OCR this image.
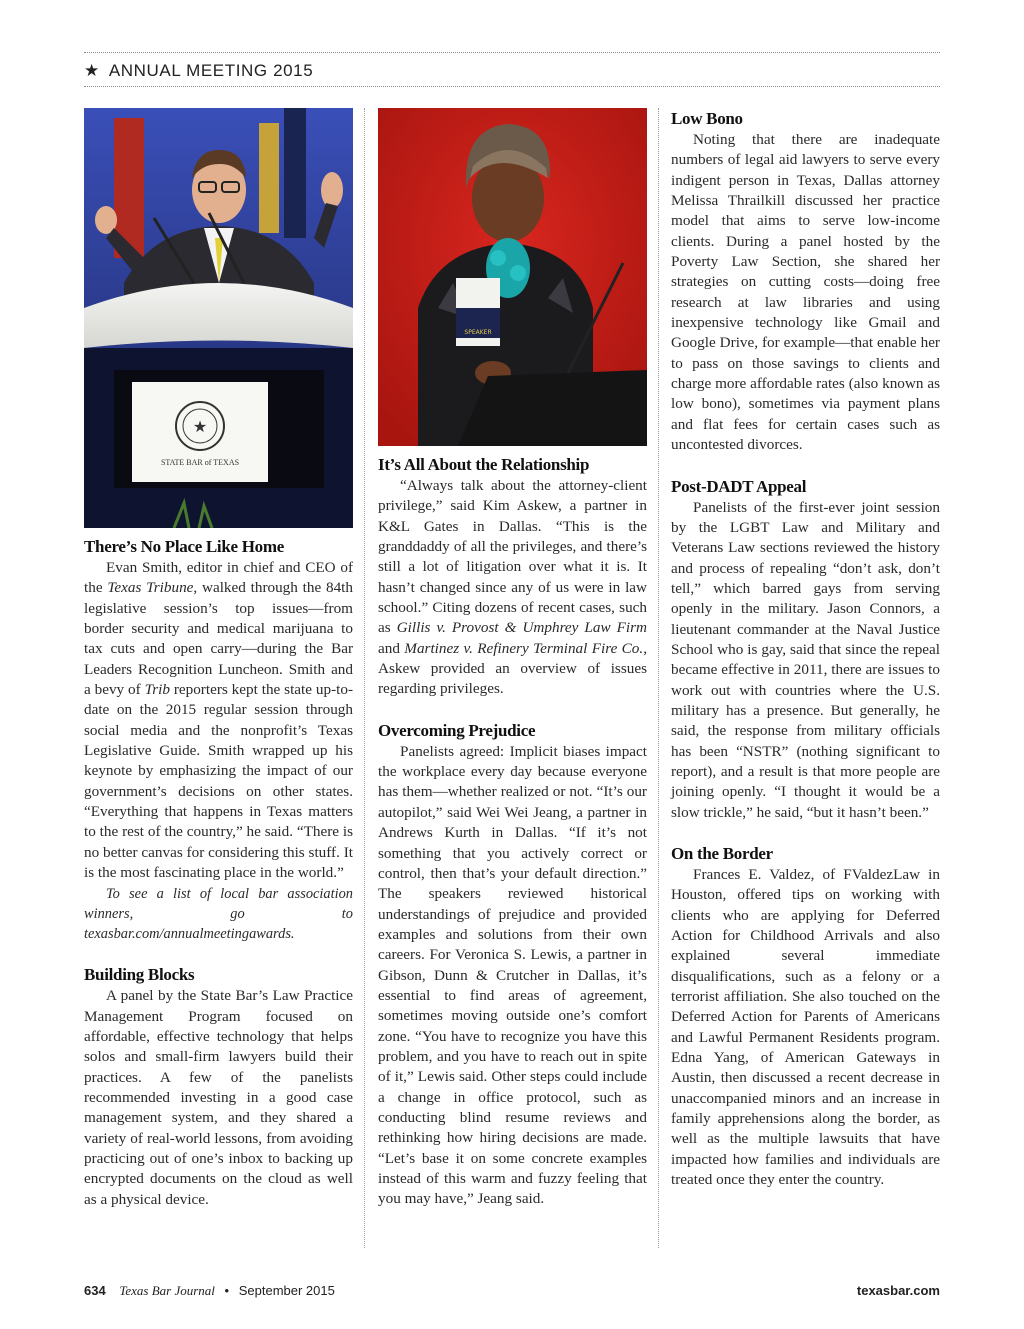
★ ANNUAL MEETING 2015
★
STATE BAR of TEXAS
There’s No Place Like Home

Evan Smith, editor in chief and CEO of the Texas Tribune, walked through the 84th legislative session’s top issues—from border security and medical marijuana to tax cuts and open carry—during the Bar Leaders Recognition Luncheon. Smith and a bevy of Trib reporters kept the state up-to-date on the 2015 regular session through social media and the nonprofit’s Texas Legislative Guide. Smith wrapped up his keynote by emphasizing the impact of our government’s decisions on other states. “Everything that happens in Texas matters to the rest of the country,” he said. “There is no better canvas for considering this stuff. It is the most fascinating place in the world.”

To see a list of local bar association winners, go to texasbar.com/annualmeetingawards.

Building Blocks

A panel by the State Bar’s Law Practice Management Program focused on affordable, effective technology that helps solos and small-firm lawyers build their practices. A few of the panelists recommended investing in a good case management system, and they shared a variety of real-world lessons, from avoiding practicing out of one’s inbox to backing up encrypted documents on the cloud as well as a physical device.

SPEAKER
It’s All About the Relationship

“Always talk about the attorney-client privilege,” said Kim Askew, a partner in K&L Gates in Dallas. “This is the granddaddy of all the privileges, and there’s still a lot of litigation over what it is. It hasn’t changed since any of us were in law school.” Citing dozens of recent cases, such as Gillis v. Provost & Umphrey Law Firm and Martinez v. Refinery Terminal Fire Co., Askew provided an overview of issues regarding privileges.

Overcoming Prejudice

Panelists agreed: Implicit biases impact the workplace every day because everyone has them—whether realized or not. “It’s our autopilot,” said Wei Wei Jeang, a partner in Andrews Kurth in Dallas. “If it’s not something that you actively correct or control, then that’s your default direction.” The speakers reviewed historical understandings of prejudice and provided examples and solutions from their own careers. For Veronica S. Lewis, a partner in Gibson, Dunn & Crutcher in Dallas, it’s essential to find areas of agreement, sometimes moving outside one’s comfort zone. “You have to recognize you have this problem, and you have to reach out in spite of it,” Lewis said. Other steps could include a change in office protocol, such as conducting blind resume reviews and rethinking how hiring decisions are made. “Let’s base it on some concrete examples instead of this warm and fuzzy feeling that you may have,” Jeang said.

Low Bono

Noting that there are inadequate numbers of legal aid lawyers to serve every indigent person in Texas, Dallas attorney Melissa Thrailkill discussed her practice model that aims to serve low-income clients. During a panel hosted by the Poverty Law Section, she shared her strategies on cutting costs—doing free research at law libraries and using inexpensive technology like Gmail and Google Drive, for example—that enable her to pass on those savings to clients and charge more affordable rates (also known as low bono), sometimes via payment plans and flat fees for certain cases such as uncontested divorces.

Post-DADT Appeal

Panelists of the first-ever joint session by the LGBT Law and Military and Veterans Law sections reviewed the history and process of repealing “don’t ask, don’t tell,” which barred gays from serving openly in the military. Jason Connors, a lieutenant commander at the Naval Justice School who is gay, said that since the repeal became effective in 2011, there are issues to work out with countries where the U.S. military has a presence. But generally, he said, the response from military officials has been “NSTR” (nothing significant to report), and a result is that more people are joining openly. “I thought it would be a slow trickle,” he said, “but it hasn’t been.”

On the Border

Frances E. Valdez, of FValdezLaw in Houston, offered tips on working with clients who are applying for Deferred Action for Childhood Arrivals and also explained several immediate disqualifications, such as a felony or a terrorist affiliation. She also touched on the Deferred Action for Parents of Americans and Lawful Permanent Residents program. Edna Yang, of American Gateways in Austin, then discussed a recent decrease in unaccompanied minors and an increase in family apprehensions along the border, as well as the multiple lawsuits that have impacted how families and individuals are treated once they enter the country.

634 Texas Bar Journal • September 2015	texasbar.com
